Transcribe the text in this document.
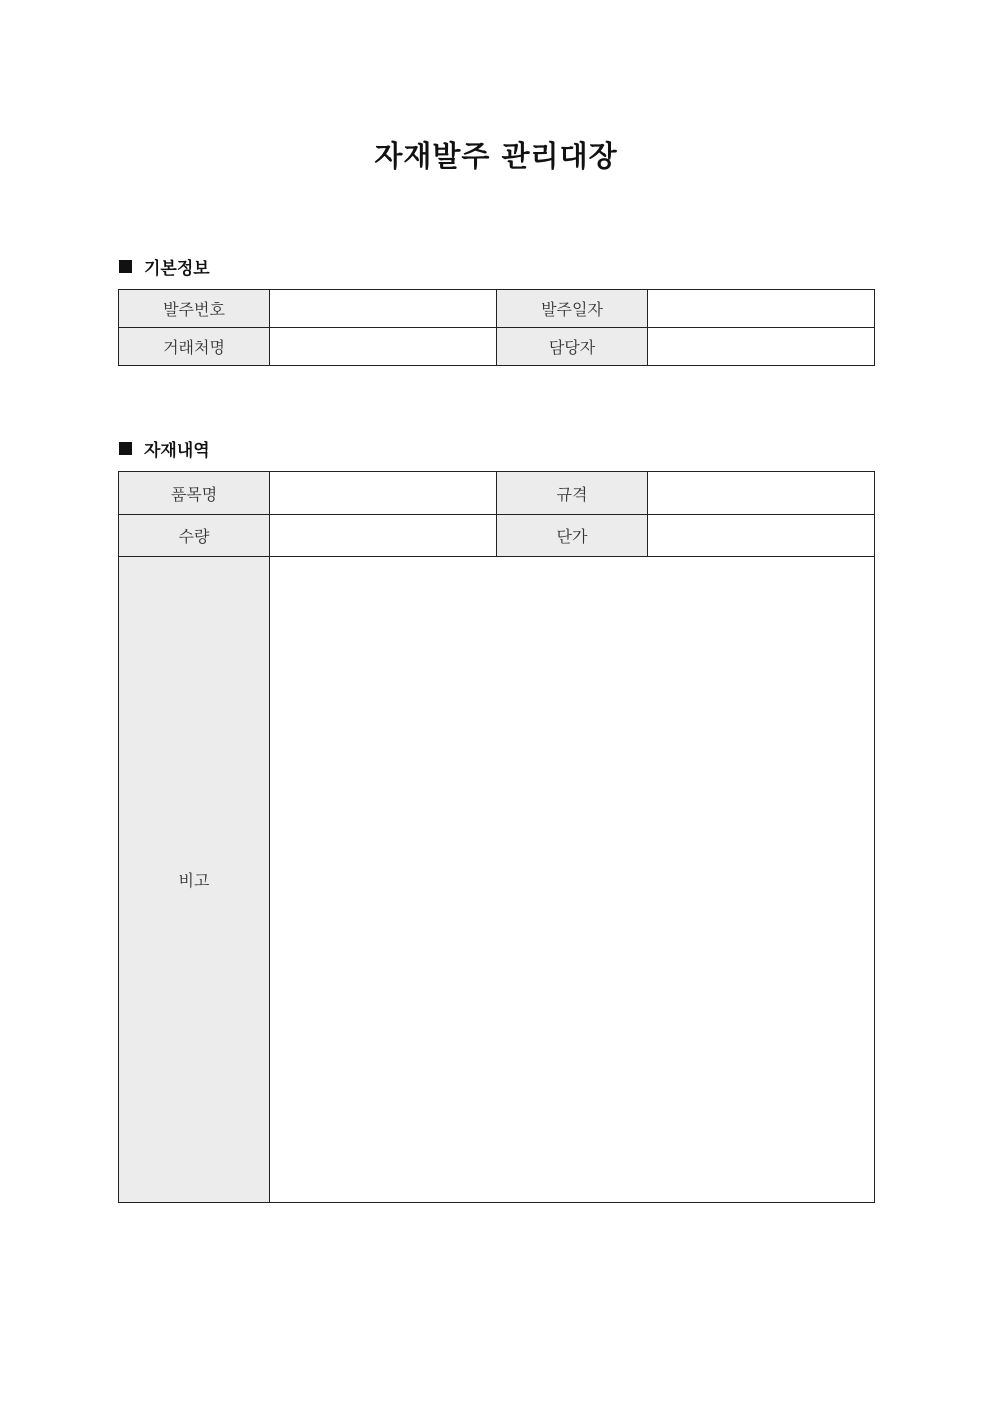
자재발주 관리대장
기본정보
발주번호		발주일자	
거래처명		담당자	
자재내역
품목명		규격	
수량		단가	
비고			
